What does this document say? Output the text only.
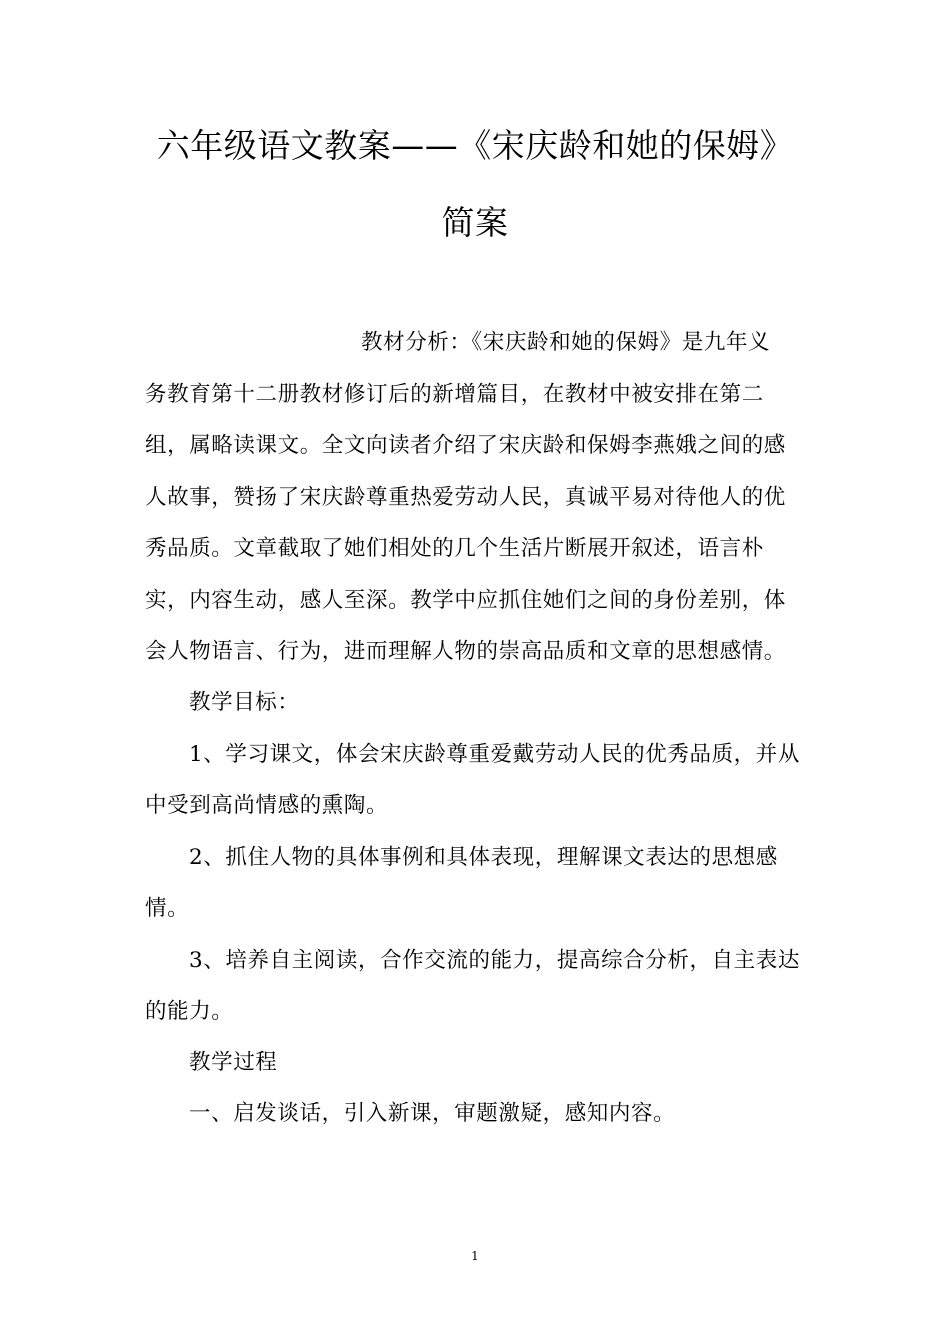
六年级语文教案——《宋庆龄和她的保姆》
简案
教材分析：《宋庆龄和她的保姆》是九年义
务教育第十二册教材修订后的新增篇目，在教材中被安排在第二
组，属略读课文。全文向读者介绍了宋庆龄和保姆李燕娥之间的感
人故事，赞扬了宋庆龄尊重热爱劳动人民，真诚平易对待他人的优
秀品质。文章截取了她们相处的几个生活片断展开叙述，语言朴
实，内容生动，感人至深。教学中应抓住她们之间的身份差别，体
会人物语言、行为，进而理解人物的崇高品质和文章的思想感情。
教学目标：
1、学习课文，体会宋庆龄尊重爱戴劳动人民的优秀品质，并从
中受到高尚情感的熏陶。
2、抓住人物的具体事例和具体表现，理解课文表达的思想感
情。
3、培养自主阅读，合作交流的能力，提高综合分析，自主表达
的能力。
教学过程
一、启发谈话，引入新课，审题激疑，感知内容。
1
